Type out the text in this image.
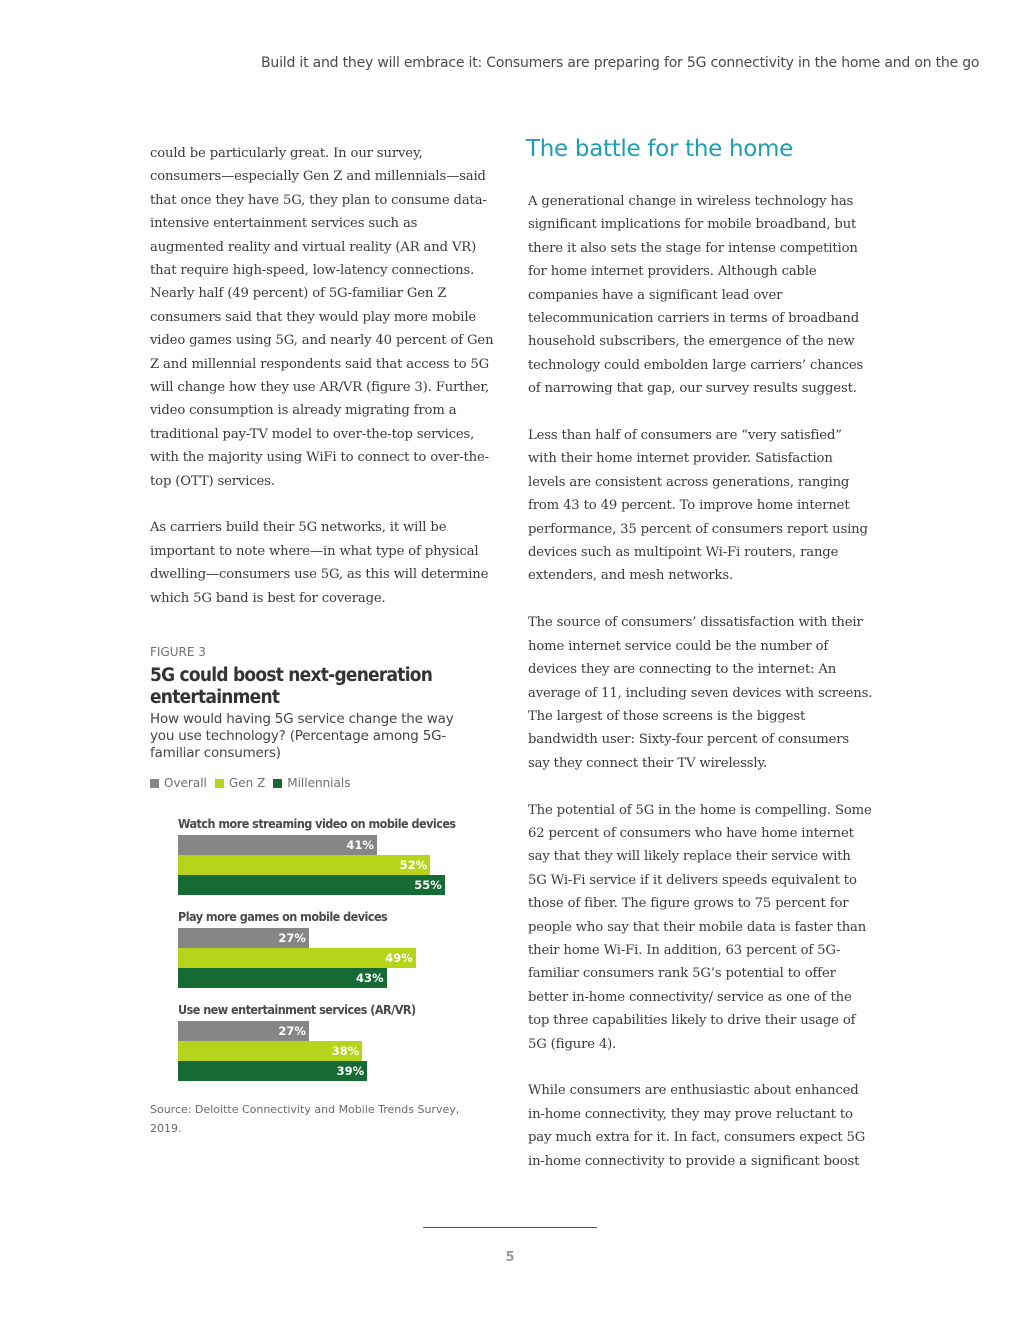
Build it and they will embrace it: Consumers are preparing for 5G connectivity in the home and on the go

could be particularly great. In our survey, consumers—especially Gen Z and millennials—said that once they have 5G, they plan to consume data-intensive entertainment services such as augmented reality and virtual reality (AR and VR) that require high-speed, low-latency connections. Nearly half (49 percent) of 5G-familiar Gen Z consumers said that they would play more mobile video games using 5G, and nearly 40 percent of Gen Z and millennial respondents said that access to 5G will change how they use AR/VR (figure 3). Further, video consumption is already migrating from a traditional pay-TV model to over-the-top services, with the majority using WiFi to connect to over-the-top (OTT) services.

As carriers build their 5G networks, it will be important to note where—in what type of physical dwelling—consumers use 5G, as this will determine which 5G band is best for coverage.

FIGURE 3
5G could boost next-generation entertainment
How would having 5G service change the way you use technology? (Percentage among 5G-familiar consumers)
Overall Gen Z Millennials
Watch more streaming video on mobile devices
41%
52%
55%
Play more games on mobile devices
27%
49%
43%
Use new entertainment services (AR/VR)
27%
38%
39%
Source: Deloitte Connectivity and Mobile Trends Survey, 2019.
The battle for the home

A generational change in wireless technology has significant implications for mobile broadband, but there it also sets the stage for intense competition for home internet providers. Although cable companies have a significant lead over telecommunication carriers in terms of broadband household subscribers, the emergence of the new technology could embolden large carriers’ chances of narrowing that gap, our survey results suggest.

Less than half of consumers are “very satisfied” with their home internet provider. Satisfaction levels are consistent across generations, ranging from 43 to 49 percent. To improve home internet performance, 35 percent of consumers report using devices such as multipoint Wi-Fi routers, range extenders, and mesh networks.

The source of consumers’ dissatisfaction with their home internet service could be the number of devices they are connecting to the internet: An average of 11, including seven devices with screens. The largest of those screens is the biggest bandwidth user: Sixty-four percent of consumers say they connect their TV wirelessly.

The potential of 5G in the home is compelling. Some 62 percent of consumers who have home internet say that they will likely replace their service with 5G Wi-Fi service if it delivers speeds equivalent to those of fiber. The figure grows to 75 percent for people who say that their mobile data is faster than their home Wi-Fi. In addition, 63 percent of 5G-familiar consumers rank 5G’s potential to offer better in-home connectivity/ service as one of the top three capabilities likely to drive their usage of 5G (figure 4).

While consumers are enthusiastic about enhanced in-home connectivity, they may prove reluctant to pay much extra for it. In fact, consumers expect 5G in-home connectivity to provide a significant boost

5
